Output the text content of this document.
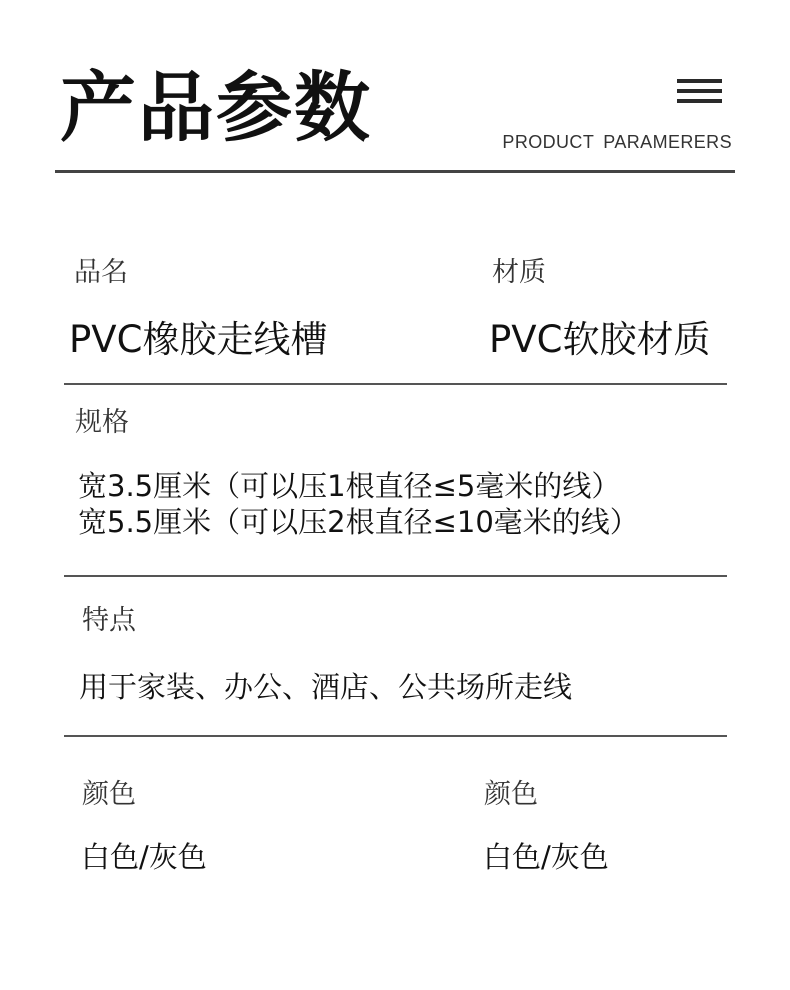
产品参数	PRODUCT PARAMERERS
品名
PVC橡胶走线槽
材质
PVC软胶材质
规格
宽3.5厘米（可以压1根直径≤5毫米的线）
宽5.5厘米（可以压2根直径≤10毫米的线）
特点
用于家装、办公、酒店、公共场所走线
颜色
白色/灰色
颜色
白色/灰色
